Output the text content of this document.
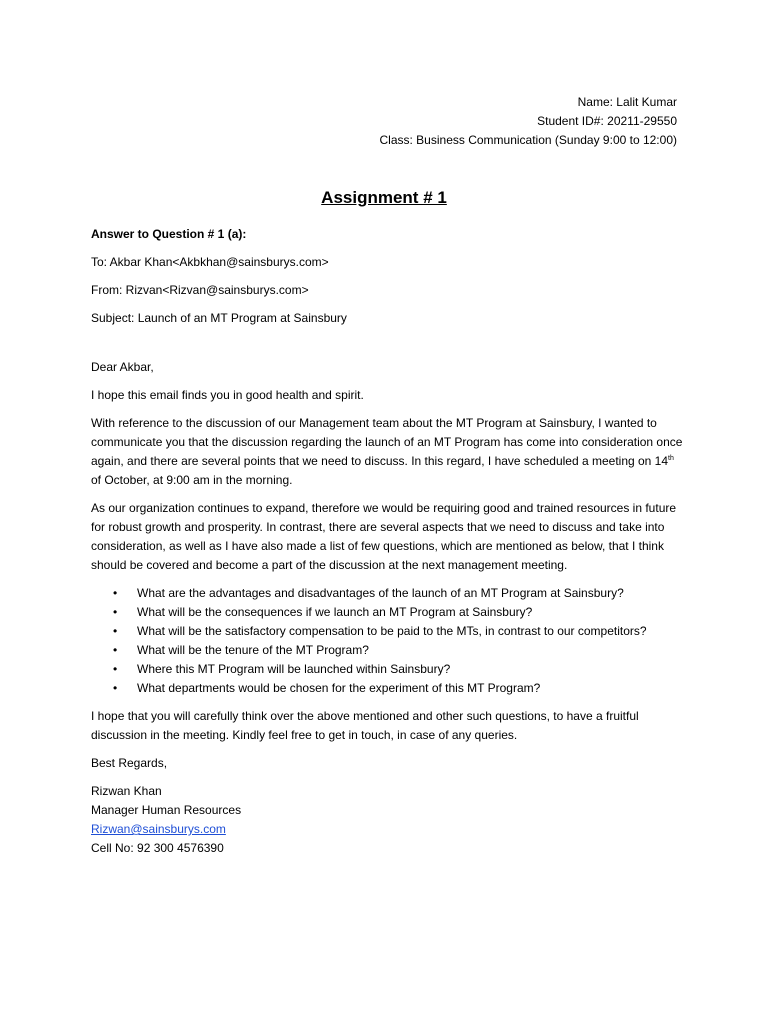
Name: Lalit Kumar
Student ID#: 20211-29550
Class: Business Communication (Sunday 9:00 to 12:00)
Assignment # 1

Answer to Question # 1 (a):

To: Akbar Khan<Akbkhan@sainsburys.com>

From: Rizvan<Rizvan@sainsburys.com>

Subject: Launch of an MT Program at Sainsbury

Dear Akbar,

I hope this email finds you in good health and spirit.

With reference to the discussion of our Management team about the MT Program at Sainsbury, I wanted to communicate you that the discussion regarding the launch of an MT Program has come into consideration once again, and there are several points that we need to discuss. In this regard, I have scheduled a meeting on 14th of October, at 9:00 am in the morning.

As our organization continues to expand, therefore we would be requiring good and trained resources in future for robust growth and prosperity. In contrast, there are several aspects that we need to discuss and take into consideration, as well as I have also made a list of few questions, which are mentioned as below, that I think should be covered and become a part of the discussion at the next management meeting.

• What are the advantages and disadvantages of the launch of an MT Program at Sainsbury?
• What will be the consequences if we launch an MT Program at Sainsbury?
• What will be the satisfactory compensation to be paid to the MTs, in contrast to our competitors?
• What will be the tenure of the MT Program?
• Where this MT Program will be launched within Sainsbury?
• What departments would be chosen for the experiment of this MT Program?

I hope that you will carefully think over the above mentioned and other such questions, to have a fruitful discussion in the meeting. Kindly feel free to get in touch, in case of any queries.

Best Regards,

Rizwan Khan

Manager Human Resources

Rizwan@sainsburys.com

Cell No: 92 300 4576390
